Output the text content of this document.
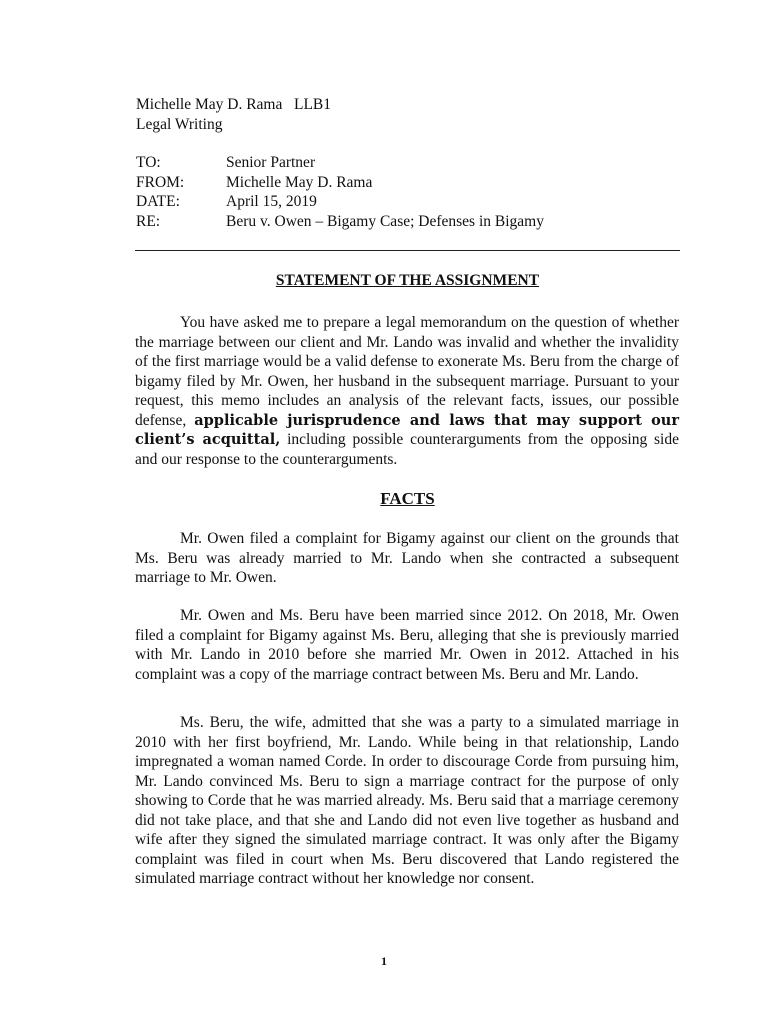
Michelle May D. Rama   LLB1
Legal Writing
TO:	Senior Partner
FROM:	Michelle May D. Rama
DATE:	April 15, 2019
RE:	Beru v. Owen – Bigamy Case; Defenses in Bigamy
STATEMENT OF THE ASSIGNMENT

You have asked me to prepare a legal memorandum on the question of whether the marriage between our client and Mr. Lando was invalid and whether the invalidity of the first marriage would be a valid defense to exonerate Ms. Beru from the charge of bigamy filed by Mr. Owen, her husband in the subsequent marriage. Pursuant to your request, this memo includes an analysis of the relevant facts, issues, our possible defense, applicable jurisprudence and laws that may support our client’s acquittal, including possible counterarguments from the opposing side and our response to the counterarguments.

FACTS

Mr. Owen filed a complaint for Bigamy against our client on the grounds that Ms. Beru was already married to Mr. Lando when she contracted a subsequent marriage to Mr. Owen.

Mr. Owen and Ms. Beru have been married since 2012. On 2018, Mr. Owen filed a complaint for Bigamy against Ms. Beru, alleging that she is previously married with Mr. Lando in 2010 before she married Mr. Owen in 2012. Attached in his complaint was a copy of the marriage contract between Ms. Beru and Mr. Lando.

Ms. Beru, the wife, admitted that she was a party to a simulated marriage in 2010 with her first boyfriend, Mr. Lando. While being in that relationship, Lando impregnated a woman named Corde. In order to discourage Corde from pursuing him, Mr. Lando convinced Ms. Beru to sign a marriage contract for the purpose of only showing to Corde that he was married already. Ms. Beru said that a marriage ceremony did not take place, and that she and Lando did not even live together as husband and wife after they signed the simulated marriage contract. It was only after the Bigamy complaint was filed in court when Ms. Beru discovered that Lando registered the simulated marriage contract without her knowledge nor consent.

1
